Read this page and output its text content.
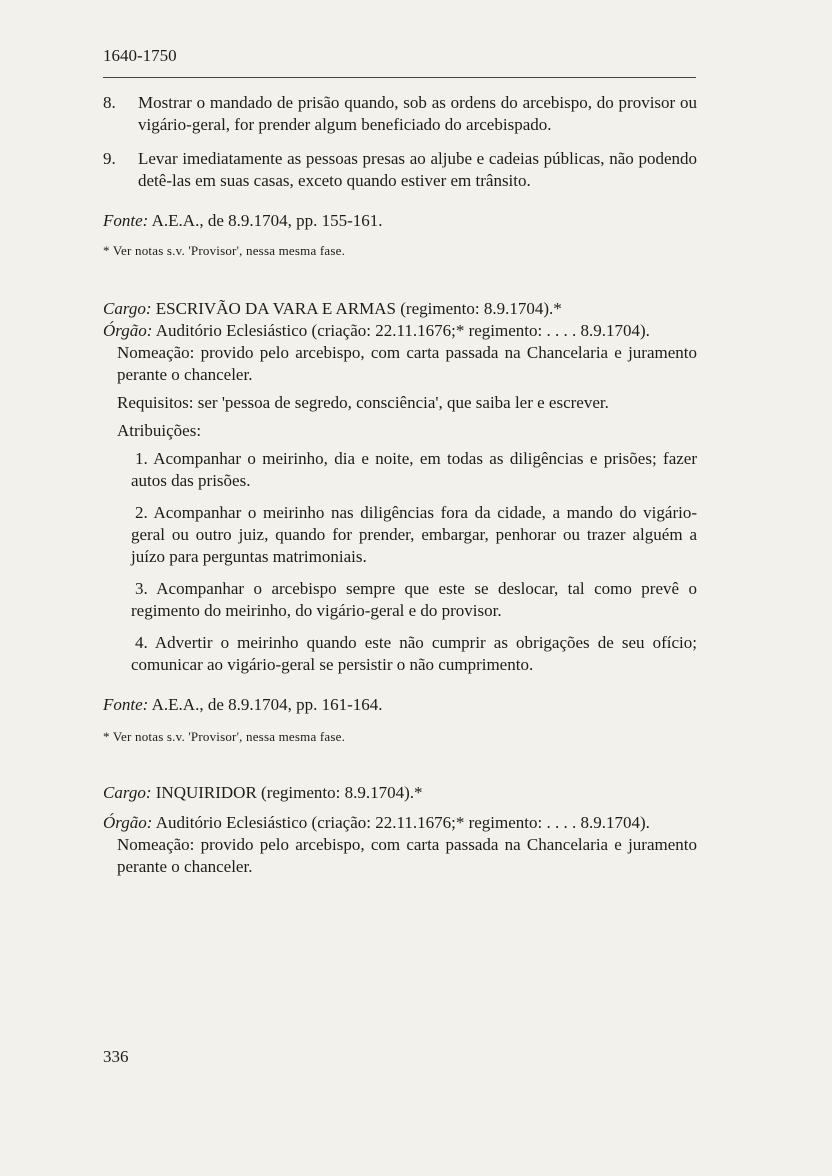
1640-1750

8. Mostrar o mandado de prisão quando, sob as ordens do arcebispo, do provisor ou vigário-geral, for prender algum beneficiado do arcebispado.

9. Levar imediatamente as pessoas presas ao aljube e cadeias públicas, não podendo detê-las em suas casas, exceto quando estiver em trânsito.

Fonte: A.E.A., de 8.9.1704, pp. 155-161.

* Ver notas s.v. 'Provisor', nessa mesma fase.

Cargo: ESCRIVÃO DA VARA E ARMAS (regimento: 8.9.1704).*

Órgão: Auditório Eclesiástico (criação: 22.11.1676;* regimento: . . . . 8.9.1704).

Nomeação: provido pelo arcebispo, com carta passada na Chancelaria e juramento perante o chanceler.

Requisitos: ser 'pessoa de segredo, consciência', que saiba ler e escrever.

Atribuições:

1. Acompanhar o meirinho, dia e noite, em todas as diligências e prisões; fazer autos das prisões.

2. Acompanhar o meirinho nas diligências fora da cidade, a mando do vigário-geral ou outro juiz, quando for prender, embargar, penhorar ou trazer alguém a juízo para perguntas matrimoniais.

3. Acompanhar o arcebispo sempre que este se deslocar, tal como prevê o regimento do meirinho, do vigário-geral e do provisor.

4. Advertir o meirinho quando este não cumprir as obrigações de seu ofício; comunicar ao vigário-geral se persistir o não cumprimento.

Fonte: A.E.A., de 8.9.1704, pp. 161-164.

* Ver notas s.v. 'Provisor', nessa mesma fase.

Cargo: INQUIRIDOR (regimento: 8.9.1704).*

Órgão: Auditório Eclesiástico (criação: 22.11.1676;* regimento: . . . . 8.9.1704).

Nomeação: provido pelo arcebispo, com carta passada na Chancelaria e juramento perante o chanceler.

336
